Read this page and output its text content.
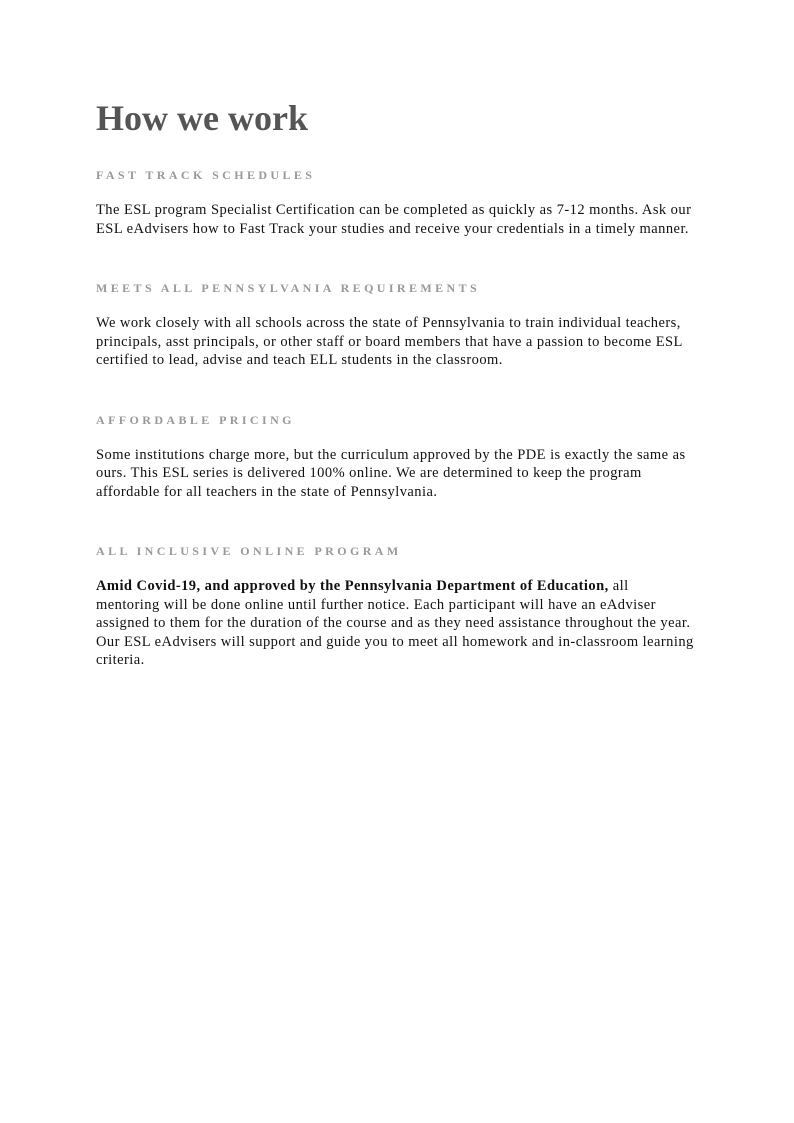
How we work
FAST TRACK SCHEDULES

The ESL program Specialist Certification can be completed as quickly as 7-12 months. Ask our ESL eAdvisers how to Fast Track your studies and receive your credentials in a timely manner.

MEETS ALL PENNSYLVANIA REQUIREMENTS

We work closely with all schools across the state of Pennsylvania to train individual teachers, principals, asst principals, or other staff or board members that have a passion to become ESL certified to lead, advise and teach ELL students in the classroom.

AFFORDABLE PRICING

Some institutions charge more, but the curriculum approved by the PDE is exactly the same as ours. This ESL series is delivered 100% online. We are determined to keep the program affordable for all teachers in the state of Pennsylvania.

ALL INCLUSIVE ONLINE PROGRAM

Amid Covid-19, and approved by the Pennsylvania Department of Education, all mentoring will be done online until further notice. Each participant will have an eAdviser assigned to them for the duration of the course and as they need assistance throughout the year. Our ESL eAdvisers will support and guide you to meet all homework and in-classroom learning criteria.
